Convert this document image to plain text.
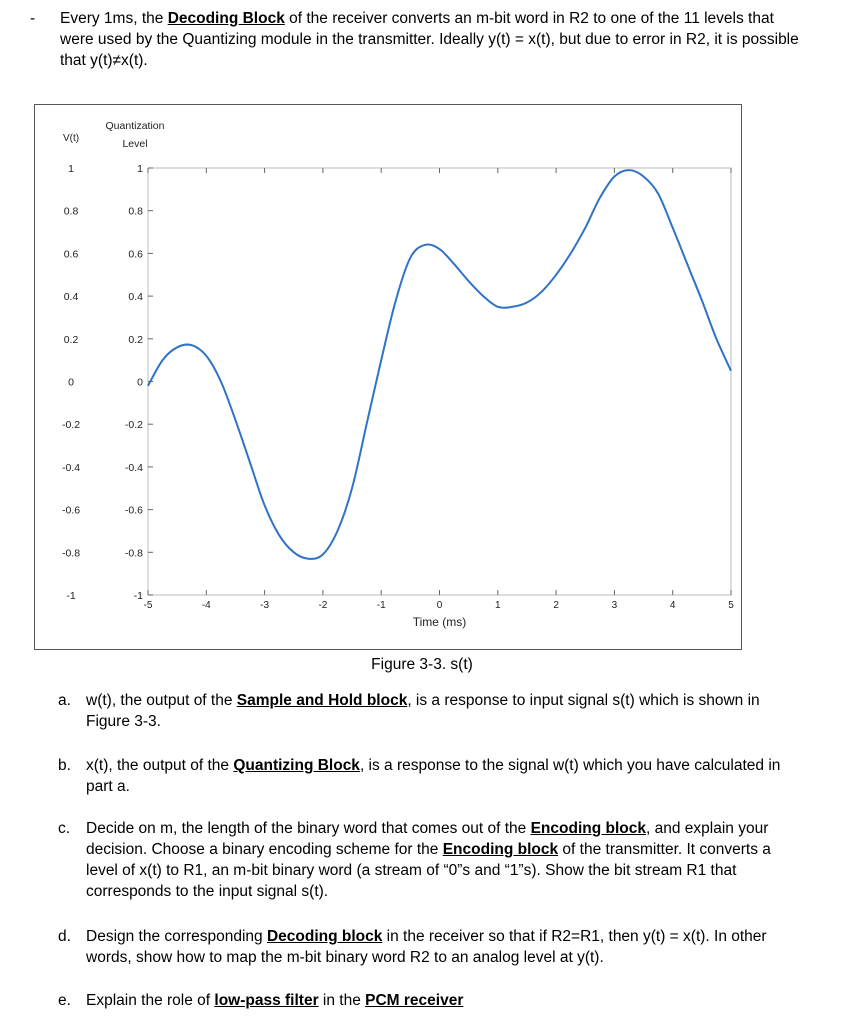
- Every 1ms, the Decoding Block of the receiver converts an m-bit word in R2 to one of the 11 levels that were used by the Quantizing module in the transmitter. Ideally y(t) = x(t), but due to error in R2, it is possible that y(t)≠x(t).
-5	-4	-3	-2	-1	0	1	2	3	4	5
1
1
0.8
0.8
0.6
0.6
0.4
0.4
0.2
0.2
0
0
-0.2
-0.2
-0.4
-0.4
-0.6
-0.6
-0.8
-0.8
-1
-1
V(t)
Quantization
Level
Time (ms)
Figure 3-3. s(t)
a. w(t), the output of the Sample and Hold block, is a response to input signal s(t) which is shown in Figure 3-3.
b. x(t), the output of the Quantizing Block, is a response to the signal w(t) which you have calculated in part a.
c.	Decide on m, the length of the binary word that comes out of the Encoding block, and explain your decision. Choose a binary encoding scheme for the Encoding block of the transmitter. It converts a level of x(t) to R1, an m-bit binary word (a stream of “0”s and “1”s). Show the bit stream R1 that corresponds to the input signal s(t).
d. Design the corresponding Decoding block in the receiver so that if R2=R1, then y(t) = x(t). In other words, show how to map the m-bit binary word R2 to an analog level at y(t).
e. Explain the role of low-pass filter in the PCM receiver
